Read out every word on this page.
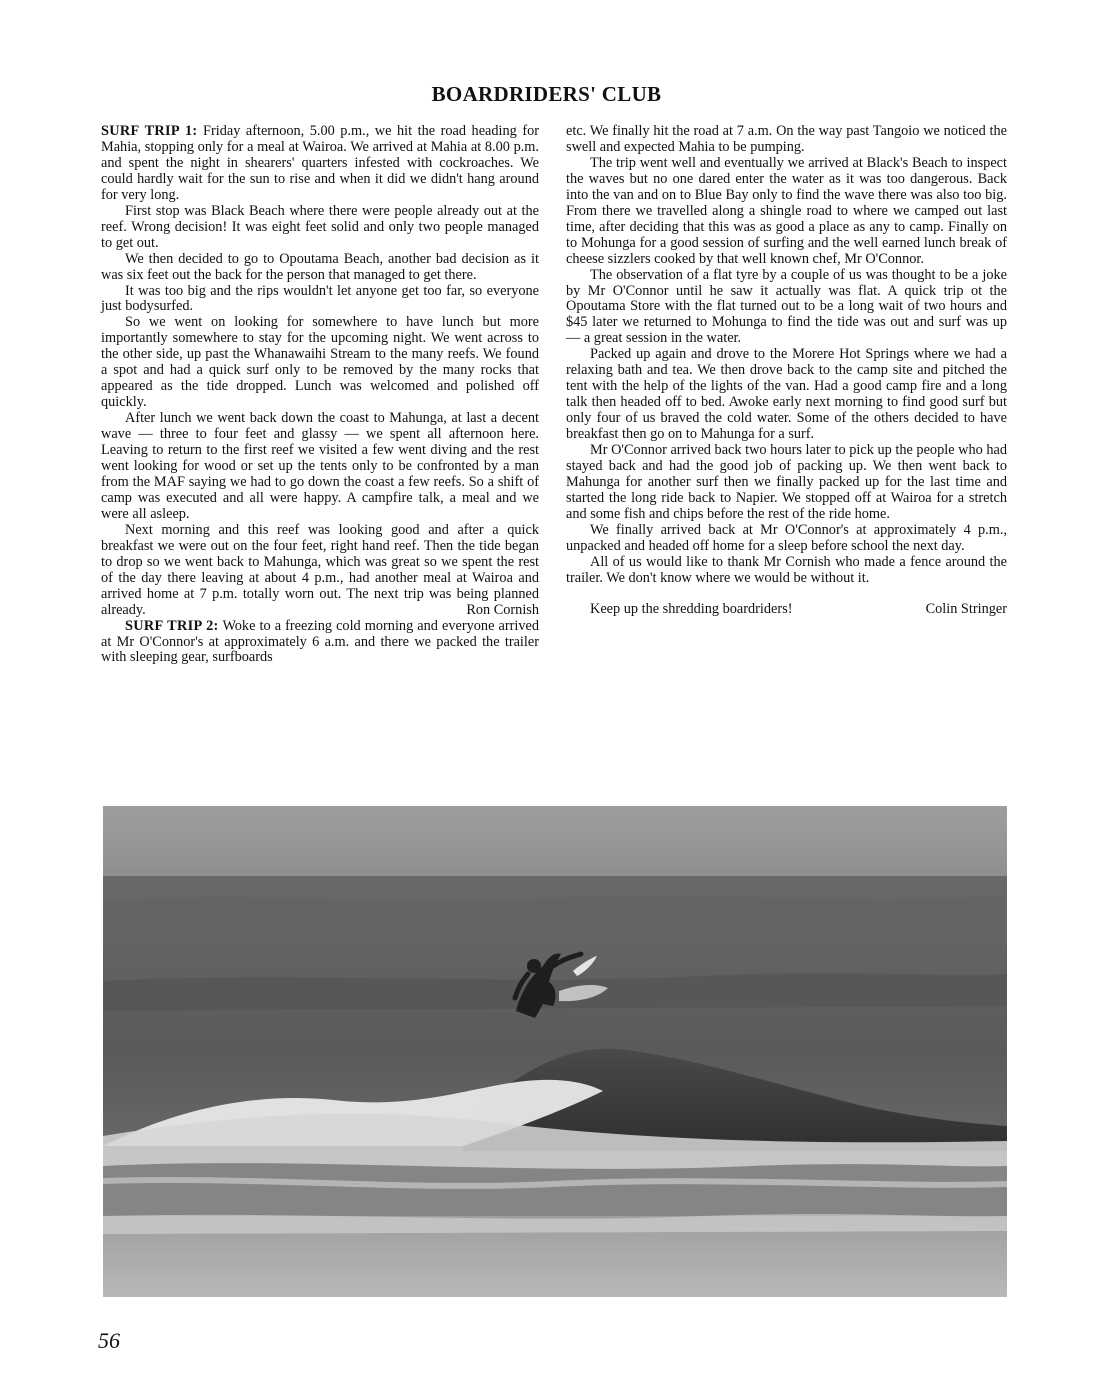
BOARDRIDERS' CLUB

SURF TRIP 1: Friday afternoon, 5.00 p.m., we hit the road heading for Mahia, stopping only for a meal at Wairoa. We arrived at Mahia at 8.00 p.m. and spent the night in shearers' quarters infested with cockroaches. We could hardly wait for the sun to rise and when it did we didn't hang around for very long.

First stop was Black Beach where there were people already out at the reef. Wrong decision! It was eight feet solid and only two people managed to get out.

We then decided to go to Opoutama Beach, another bad decision as it was six feet out the back for the person that managed to get there.

It was too big and the rips wouldn't let anyone get too far, so everyone just bodysurfed.

So we went on looking for somewhere to have lunch but more importantly somewhere to stay for the upcoming night. We went across to the other side, up past the Whanawaihi Stream to the many reefs. We found a spot and had a quick surf only to be removed by the many rocks that appeared as the tide dropped. Lunch was welcomed and polished off quickly.

After lunch we went back down the coast to Mahunga, at last a decent wave — three to four feet and glassy — we spent all afternoon here. Leaving to return to the first reef we visited a few went diving and the rest went looking for wood or set up the tents only to be confronted by a man from the MAF saying we had to go down the coast a few reefs. So a shift of camp was executed and all were happy. A campfire talk, a meal and we were all asleep.

Next morning and this reef was looking good and after a quick breakfast we were out on the four feet, right hand reef. Then the tide began to drop so we went back to Mahunga, which was great so we spent the rest of the day there leaving at about 4 p.m., had another meal at Wairoa and arrived home at 7 p.m. totally worn out. The next trip was being planned already.	Ron Cornish

SURF TRIP 2: Woke to a freezing cold morning and everyone arrived at Mr O'Connor's at approximately 6 a.m. and there we packed the trailer with sleeping gear, surfboards

etc. We finally hit the road at 7 a.m. On the way past Tangoio we noticed the swell and expected Mahia to be pumping.

The trip went well and eventually we arrived at Black's Beach to inspect the waves but no one dared enter the water as it was too dangerous. Back into the van and on to Blue Bay only to find the wave there was also too big. From there we travelled along a shingle road to where we camped out last time, after deciding that this was as good a place as any to camp. Finally on to Mohunga for a good session of surfing and the well earned lunch break of cheese sizzlers cooked by that well known chef, Mr O'Connor.

The observation of a flat tyre by a couple of us was thought to be a joke by Mr O'Connor until he saw it actually was flat. A quick trip ot the Opoutama Store with the flat turned out to be a long wait of two hours and $45 later we returned to Mohunga to find the tide was out and surf was up — a great session in the water.

Packed up again and drove to the Morere Hot Springs where we had a relaxing bath and tea. We then drove back to the camp site and pitched the tent with the help of the lights of the van. Had a good camp fire and a long talk then headed off to bed. Awoke early next morning to find good surf but only four of us braved the cold water. Some of the others decided to have breakfast then go on to Mahunga for a surf.

Mr O'Connor arrived back two hours later to pick up the people who had stayed back and had the good job of packing up. We then went back to Mahunga for another surf then we finally packed up for the last time and started the long ride back to Napier. We stopped off at Wairoa for a stretch and some fish and chips before the rest of the ride home.

We finally arrived back at Mr O'Connor's at approximately 4 p.m., unpacked and headed off home for a sleep before school the next day.

All of us would like to thank Mr Cornish who made a fence around the trailer. We don't know where we would be without it.

Keep up the shredding boardriders!	Colin Stringer
56
